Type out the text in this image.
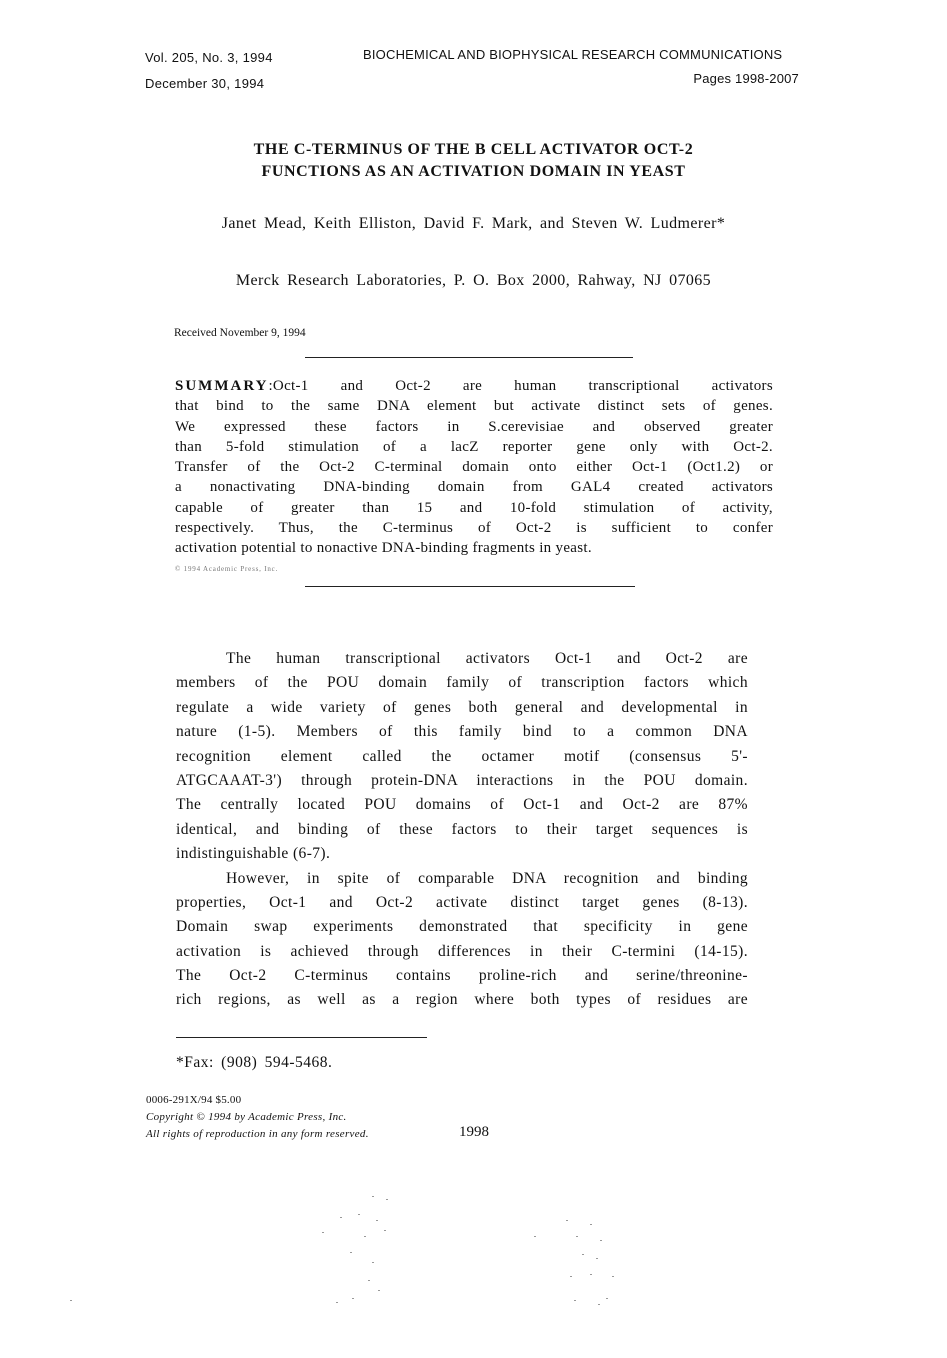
Vol. 205, No. 3, 1994
December 30, 1994
BIOCHEMICAL AND BIOPHYSICAL RESEARCH COMMUNICATIONS
Pages 1998-2007
THE C-TERMINUS OF THE B CELL ACTIVATOR OCT-2
FUNCTIONS AS AN ACTIVATION DOMAIN IN YEAST
Janet Mead, Keith Elliston, David F. Mark, and Steven W. Ludmerer*
Merck Research Laboratories, P. O. Box 2000, Rahway, NJ 07065
Received November 9, 1994
SUMMARY:Oct-1 and Oct-2 are human transcriptional activators
that bind to the same DNA element but activate distinct sets of genes.
We expressed these factors in S.cerevisiae and observed greater
than 5-fold stimulation of a lacZ reporter gene only with Oct-2.
Transfer of the Oct-2 C-terminal domain onto either Oct-1 (Oct1.2) or
a nonactivating DNA-binding domain from GAL4 created activators
capable of greater than 15 and 10-fold stimulation of activity,
respectively. Thus, the C-terminus of Oct-2 is sufficient to confer
activation potential to nonactive DNA-binding fragments in yeast.
© 1994 Academic Press, Inc.
The human transcriptional activators Oct-1 and Oct-2 are
members of the POU domain family of transcription factors which
regulate a wide variety of genes both general and developmental in
nature (1-5). Members of this family bind to a common DNA
recognition element called the octamer motif (consensus 5'-
ATGCAAAT-3') through protein-DNA interactions in the POU domain.
The centrally located POU domains of Oct-1 and Oct-2 are 87%
identical, and binding of these factors to their target sequences is
indistinguishable (6-7).
However, in spite of comparable DNA recognition and binding
properties, Oct-1 and Oct-2 activate distinct target genes (8-13).
Domain swap experiments demonstrated that specificity in gene
activation is achieved through differences in their C-termini (14-15).
The Oct-2 C-terminus contains proline-rich and serine/threonine-
rich regions, as well as a region where both types of residues are
*Fax: (908) 594-5468.
0006-291X/94 $5.00
Copyright © 1994 by Academic Press, Inc.
All rights of reproduction in any form reserved.	1998
